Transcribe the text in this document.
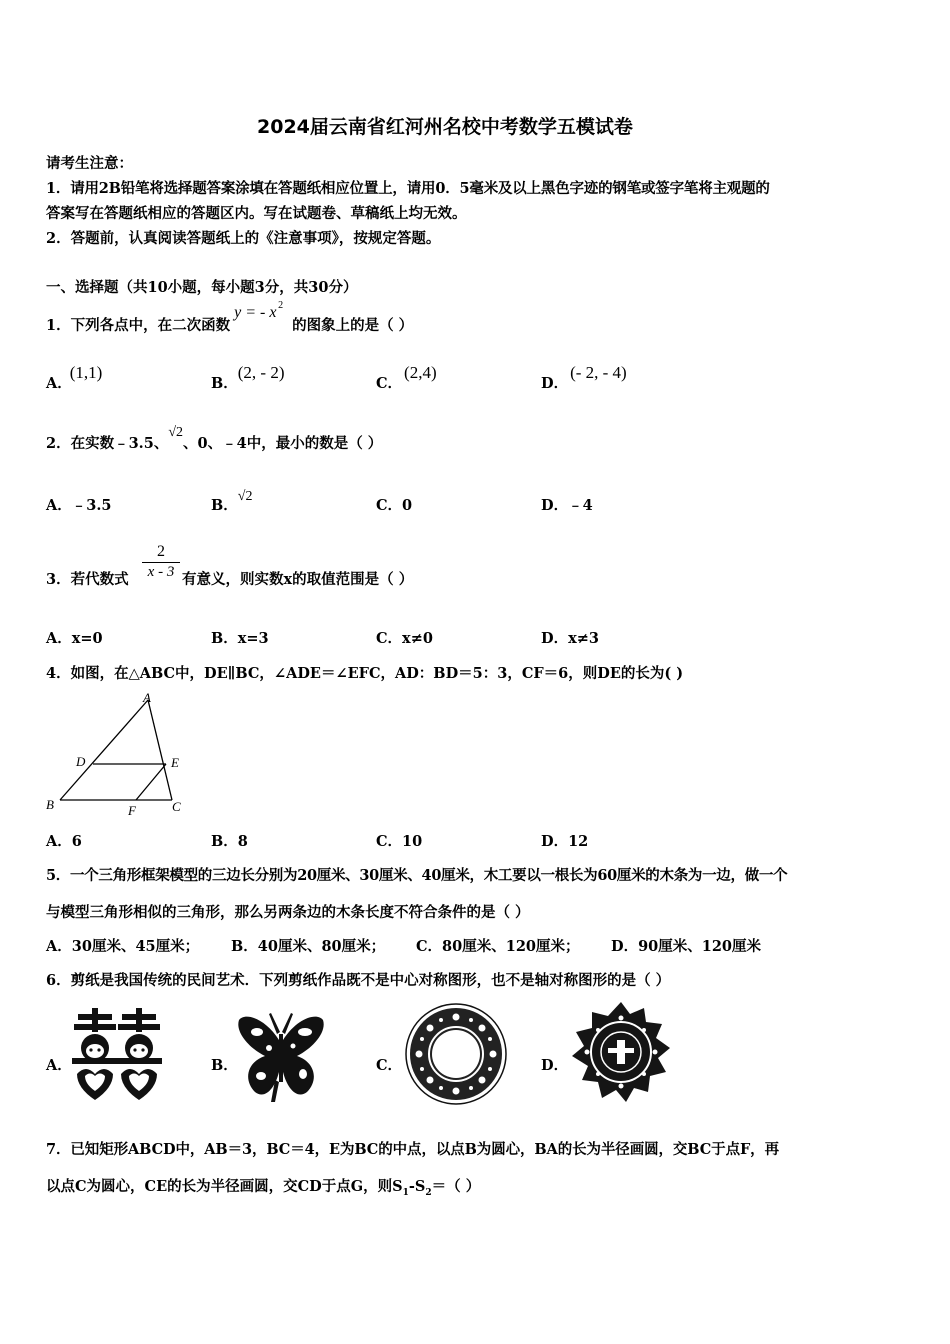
2024届云南省红河州名校中考数学五模试卷
请考生注意：
1．请用2B铅笔将选择题答案涂填在答题纸相应位置上，请用0．5毫米及以上黑色字迹的钢笔或签字笔将主观题的
答案写在答题纸相应的答题区内。写在试题卷、草稿纸上均无效。
2．答题前，认真阅读答题纸上的《注意事项》，按规定答题。
一、选择题（共10小题，每小题3分，共30分）
1．下列各点中，在二次函数
y = - x 2
的图象上的是（ ）
A．(1,1)
B．(2, - 2)
C．(2,4)
D．(- 2, - 4)
2．在实数﹣3.5、√2、0、﹣4中，最小的数是（ ）
A．﹣3.5	B．√2
C．0	D．﹣4
3．若代数式
2
x - 3 有意义，则实数x的取值范围是（ ）
A．x=0	B．x=3	C．x≠0	D．x≠3
4．如图，在△ABC中，DE∥BC，∠ADE＝∠EFC，AD：BD＝5：3，CF＝6，则DE的长为( )
A
D	E
B	F	C
A．6	B．8	C．10	D．12
5．一个三角形框架模型的三边长分别为20厘米、30厘米、40厘米，木工要以一根长为60厘米的木条为一边，做一个
与模型三角形相似的三角形，那么另两条边的木条长度不符合条件的是（ ）
A．30厘米、45厘米； B．40厘米、80厘米； C．80厘米、120厘米； D．90厘米、120厘米
6．剪纸是我国传统的民间艺术．下列剪纸作品既不是中心对称图形，也不是轴对称图形的是（ ）
A．	B．	C．	D．
7．已知矩形ABCD中，AB＝3，BC＝4，E为BC的中点，以点B为圆心，BA的长为半径画圆，交BC于点F，再
以点C为圆心，CE的长为半径画圆，交CD于点G，则$S_1-S_2=$（ ）
